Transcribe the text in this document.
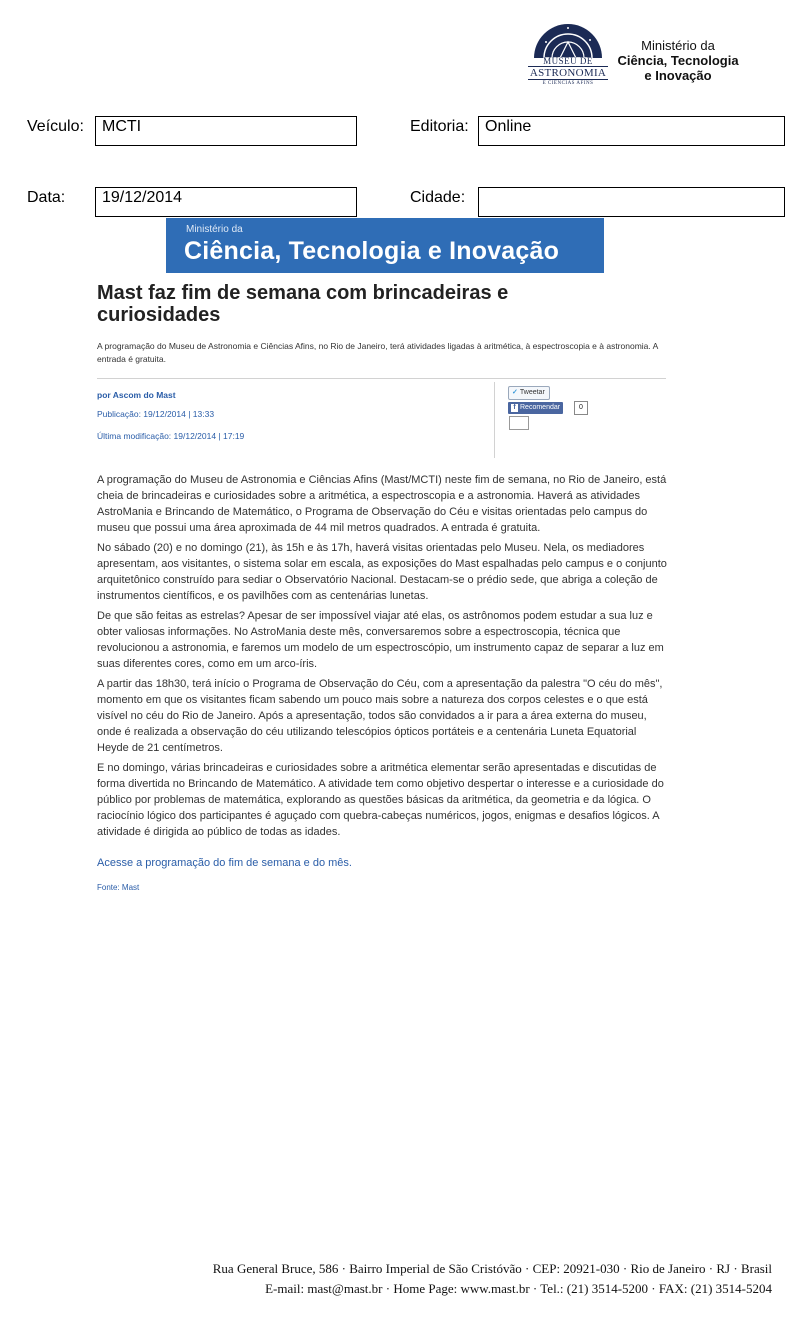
MUSEU DE
ASTRONOMIA
E CIÊNCIAS AFINS
Ministério da
Ciência, Tecnologia
e Inovação
Veículo:	MCTI	Editoria:	Online
Data:	19/12/2014	Cidade:
Ministério da
Ciência, Tecnologia e Inovação
Mast faz fim de semana com brincadeiras e curiosidades
A programação do Museu de Astronomia e Ciências Afins, no Rio de Janeiro, terá atividades ligadas à aritmética, à espectroscopia e à astronomia. A entrada é gratuita.
por Ascom do Mast
Publicação: 19/12/2014 | 13:33
Última modificação: 19/12/2014 | 17:19
✓ Tweetar
f Recomendar	0

A programação do Museu de Astronomia e Ciências Afins (Mast/MCTI) neste fim de semana, no Rio de Janeiro, está cheia de brincadeiras e curiosidades sobre a aritmética, a espectroscopia e a astronomia. Haverá as atividades AstroMania e Brincando de Matemático, o Programa de Observação do Céu e visitas orientadas pelo campus do museu que possui uma área aproximada de 44 mil metros quadrados. A entrada é gratuita.

No sábado (20) e no domingo (21), às 15h e às 17h, haverá visitas orientadas pelo Museu. Nela, os mediadores apresentam, aos visitantes, o sistema solar em escala, as exposições do Mast espalhadas pelo campus e o conjunto arquitetônico construído para sediar o Observatório Nacional. Destacam-se o prédio sede, que abriga a coleção de instrumentos científicos, e os pavilhões com as centenárias lunetas.

De que são feitas as estrelas? Apesar de ser impossível viajar até elas, os astrônomos podem estudar a sua luz e obter valiosas informações. No AstroMania deste mês, conversaremos sobre a espectroscopia, técnica que revolucionou a astronomia, e faremos um modelo de um espectroscópio, um instrumento capaz de separar a luz em suas diferentes cores, como em um arco-íris.

A partir das 18h30, terá início o Programa de Observação do Céu, com a apresentação da palestra "O céu do mês", momento em que os visitantes ficam sabendo um pouco mais sobre a natureza dos corpos celestes e o que está visível no céu do Rio de Janeiro. Após a apresentação, todos são convidados a ir para a área externa do museu, onde é realizada a observação do céu utilizando telescópios ópticos portáteis e a centenária Luneta Equatorial Heyde de 21 centímetros.

E no domingo, várias brincadeiras e curiosidades sobre a aritmética elementar serão apresentadas e discutidas de forma divertida no Brincando de Matemático. A atividade tem como objetivo despertar o interesse e a curiosidade do público por problemas de matemática, explorando as questões básicas da aritmética, da geometria e da lógica. O raciocínio lógico dos participantes é aguçado com quebra-cabeças numéricos, jogos, enigmas e desafios lógicos. A atividade é dirigida ao público de todas as idades.

Acesse a programação do fim de semana e do mês.
Fonte: Mast
Rua General Bruce, 586 · Bairro Imperial de São Cristóvão · CEP: 20921-030 · Rio de Janeiro · RJ · Brasil
E-mail: mast@mast.br · Home Page: www.mast.br · Tel.: (21) 3514-5200 · FAX: (21) 3514-5204
